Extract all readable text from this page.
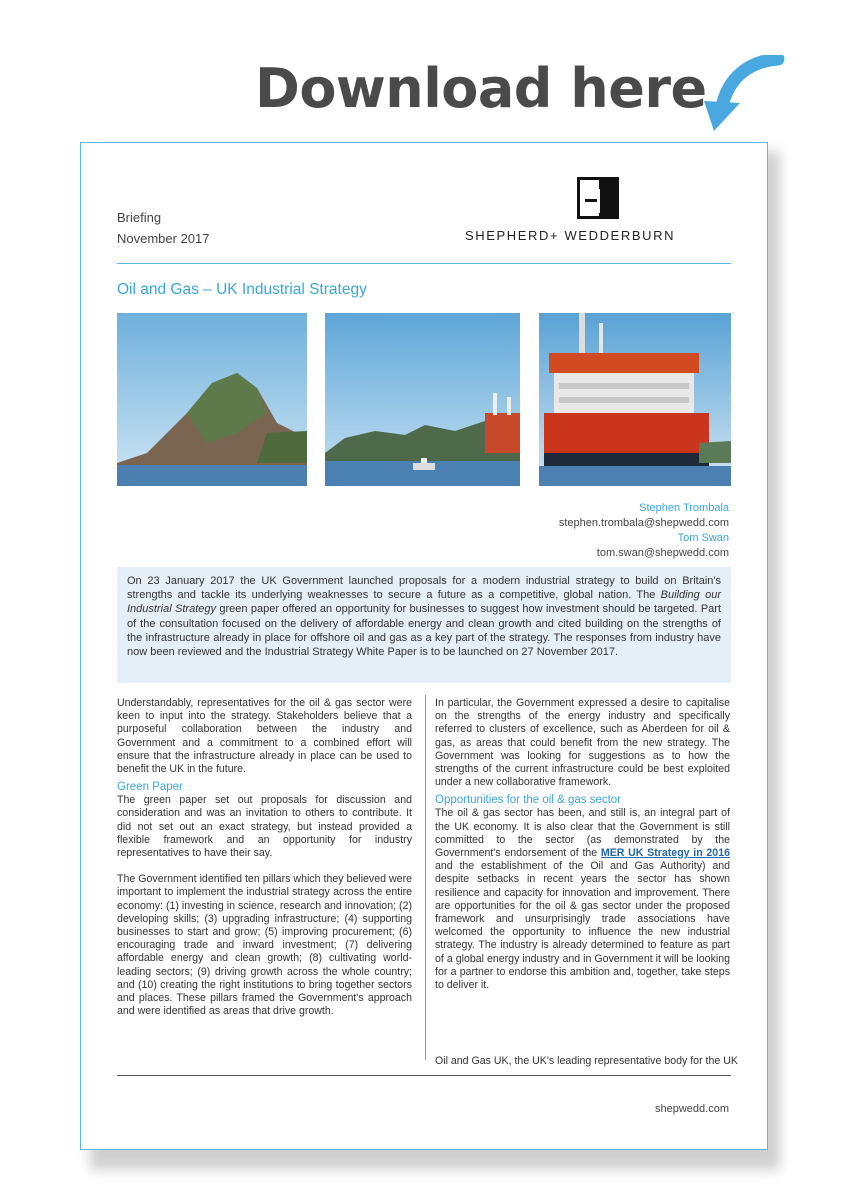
Download here
Briefing
November 2017	SHEPHERD+ WEDDERBURN
Oil and Gas – UK Industrial Strategy
Stephen Trombala
stephen.trombala@shepwedd.com
Tom Swan
tom.swan@shepwedd.com
On 23 January 2017 the UK Government launched proposals for a modern industrial strategy to build on Britain's strengths and tackle its underlying weaknesses to secure a future as a competitive, global nation. The Building our Industrial Strategy green paper offered an opportunity for businesses to suggest how investment should be targeted. Part of the consultation focused on the delivery of affordable energy and clean growth and cited building on the strengths of the infrastructure already in place for offshore oil and gas as a key part of the strategy. The responses from industry have now been reviewed and the Industrial Strategy White Paper is to be launched on 27 November 2017.

Understandably, representatives for the oil & gas sector were keen to input into the strategy. Stakeholders believe that a purposeful collaboration between the industry and Government and a commitment to a combined effort will ensure that the infrastructure already in place can be used to benefit the UK in the future.

Green Paper

The green paper set out proposals for discussion and consideration and was an invitation to others to contribute. It did not set out an exact strategy, but instead provided a flexible framework and an opportunity for industry representatives to have their say.

The Government identified ten pillars which they believed were important to implement the industrial strategy across the entire economy: (1) investing in science, research and innovation; (2) developing skills; (3) upgrading infrastructure; (4) supporting businesses to start and grow; (5) improving procurement; (6) encouraging trade and inward investment; (7) delivering affordable energy and clean growth; (8) cultivating world-leading sectors; (9) driving growth across the whole country; and (10) creating the right institutions to bring together sectors and places. These pillars framed the Government's approach and were identified as areas that drive growth.

In particular, the Government expressed a desire to capitalise on the strengths of the energy industry and specifically referred to clusters of excellence, such as Aberdeen for oil & gas, as areas that could benefit from the new strategy. The Government was looking for suggestions as to how the strengths of the current infrastructure could be best exploited under a new collaborative framework.

Opportunities for the oil & gas sector

The oil & gas sector has been, and still is, an integral part of the UK economy. It is also clear that the Government is still committed to the sector (as demonstrated by the Government's endorsement of the MER UK Strategy in 2016 and the establishment of the Oil and Gas Authority) and despite setbacks in recent years the sector has shown resilience and capacity for innovation and improvement. There are opportunities for the oil & gas sector under the proposed framework and unsurprisingly trade associations have welcomed the opportunity to influence the new industrial strategy. The industry is already determined to feature as part of a global energy industry and in Government it will be looking for a partner to endorse this ambition and, together, take steps to deliver it.

Oil and Gas UK, the UK's leading representative body for the UK
shepwedd.com
